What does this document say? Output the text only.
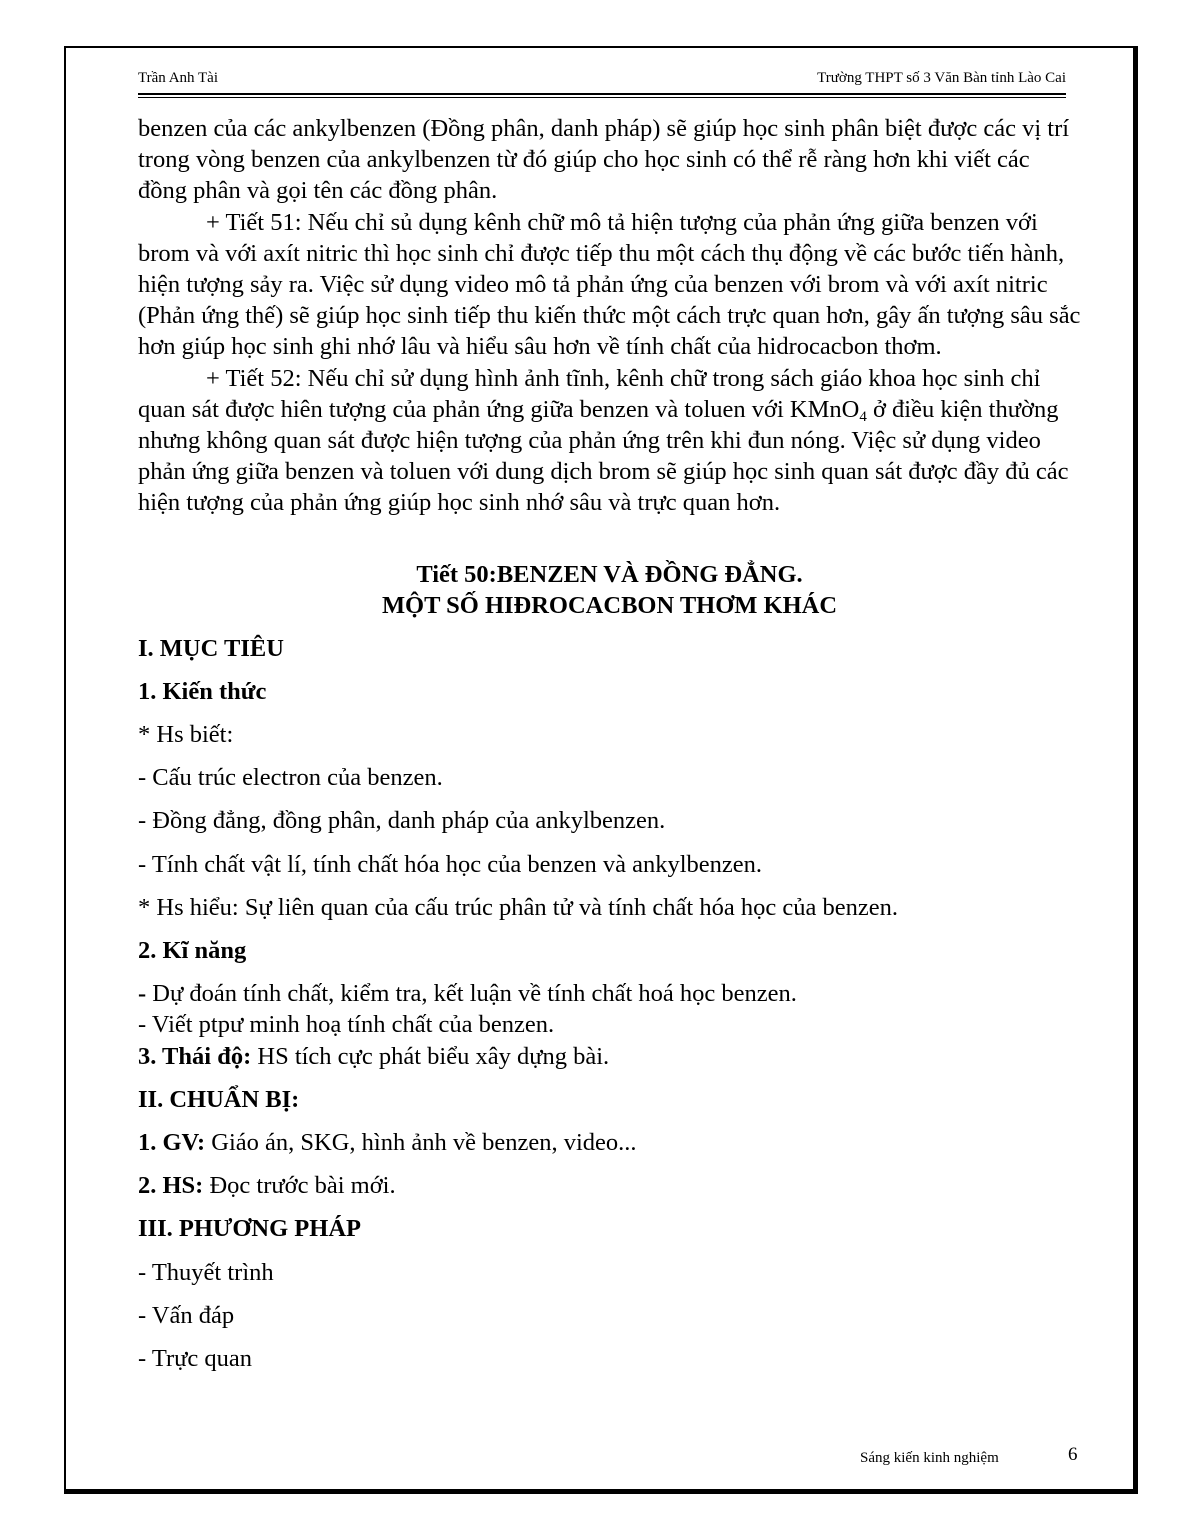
Trần Anh Tài	Trường THPT số 3 Văn Bàn tỉnh Lào Cai

benzen của các ankylbenzen (Đồng phân, danh pháp) sẽ giúp học sinh phân biệt được các vị trí trong vòng benzen của ankylbenzen từ đó giúp cho học sinh có thể rễ ràng hơn khi viết các đồng phân và gọi tên các đồng phân.

+ Tiết 51: Nếu chỉ sủ dụng kênh chữ mô tả hiện tượng của phản ứng giữa benzen với brom và với axít nitric thì học sinh chỉ được tiếp thu một cách thụ động về các bước tiến hành, hiện tượng sảy ra. Việc sử dụng video mô tả phản ứng của benzen với brom và với axít nitric (Phản ứng thế) sẽ giúp học sinh tiếp thu kiến thức một cách trực quan hơn, gây ấn tượng sâu sắc hơn giúp học sinh ghi nhớ lâu và hiểu sâu hơn về tính chất của hidrocacbon thơm.

+ Tiết 52: Nếu chỉ sử dụng hình ảnh tĩnh, kênh chữ trong sách giáo khoa học sinh chỉ quan sát được hiên tượng của phản ứng giữa benzen và toluen với KMnO$_4$ ở điều kiện thường nhưng không quan sát được hiện tượng của phản ứng trên khi đun nóng. Việc sử dụng video phản ứng giữa benzen và toluen với dung dịch brom sẽ giúp học sinh quan sát được đầy đủ các hiện tượng của phản ứng giúp học sinh nhớ sâu và trực quan hơn.

Tiết 50:BENZEN VÀ ĐỒNG ĐẲNG.
MỘT SỐ HIĐROCACBON THƠM KHÁC

I. MỤC TIÊU

1. Kiến thức

* Hs biết:

- Cấu trúc electron của benzen.

- Đồng đẳng, đồng phân, danh pháp của ankylbenzen.

- Tính chất vật lí, tính chất hóa học của benzen và ankylbenzen.

* Hs hiểu: Sự liên quan của cấu trúc phân tử và tính chất hóa học của benzen.

2. Kĩ năng

- Dự đoán tính chất, kiểm tra, kết luận về tính chất hoá học benzen.

- Viết ptpư minh hoạ tính chất của benzen.

3. Thái độ: HS tích cực phát biểu xây dựng bài.

II. CHUẨN BỊ:

1. GV: Giáo án, SKG, hình ảnh về benzen, video...

2. HS: Đọc trước bài mới.

III. PHƯƠNG PHÁP

- Thuyết trình

- Vấn đáp

- Trực quan

Sáng kiến kinh nghiệm	6
